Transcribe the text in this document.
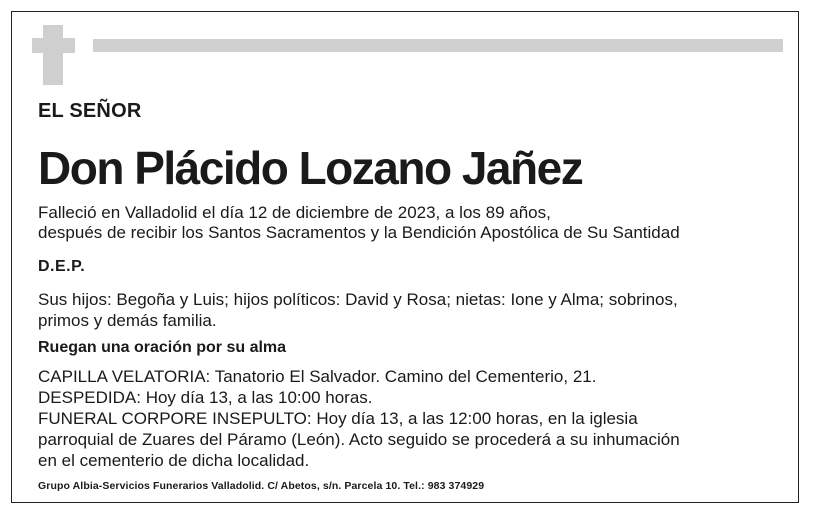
EL SEÑOR
Don Plácido Lozano Jañez
Falleció en Valladolid el día 12 de diciembre de 2023, a los 89 años,
después de recibir los Santos Sacramentos y la Bendición Apostólica de Su Santidad
D.E.P.
Sus hijos: Begoña y Luis; hijos políticos: David y Rosa; nietas: Ione y Alma; sobrinos,
primos y demás familia.
Ruegan una oración por su alma
CAPILLA VELATORIA: Tanatorio El Salvador. Camino del Cementerio, 21.
DESPEDIDA: Hoy día 13, a las 10:00 horas.
FUNERAL CORPORE INSEPULTO: Hoy día 13, a las 12:00 horas, en la iglesia
parroquial de Zuares del Páramo (León). Acto seguido se procederá a su inhumación
en el cementerio de dicha localidad.
Grupo Albia-Servicios Funerarios Valladolid. C/ Abetos, s/n. Parcela 10. Tel.: 983 374929
